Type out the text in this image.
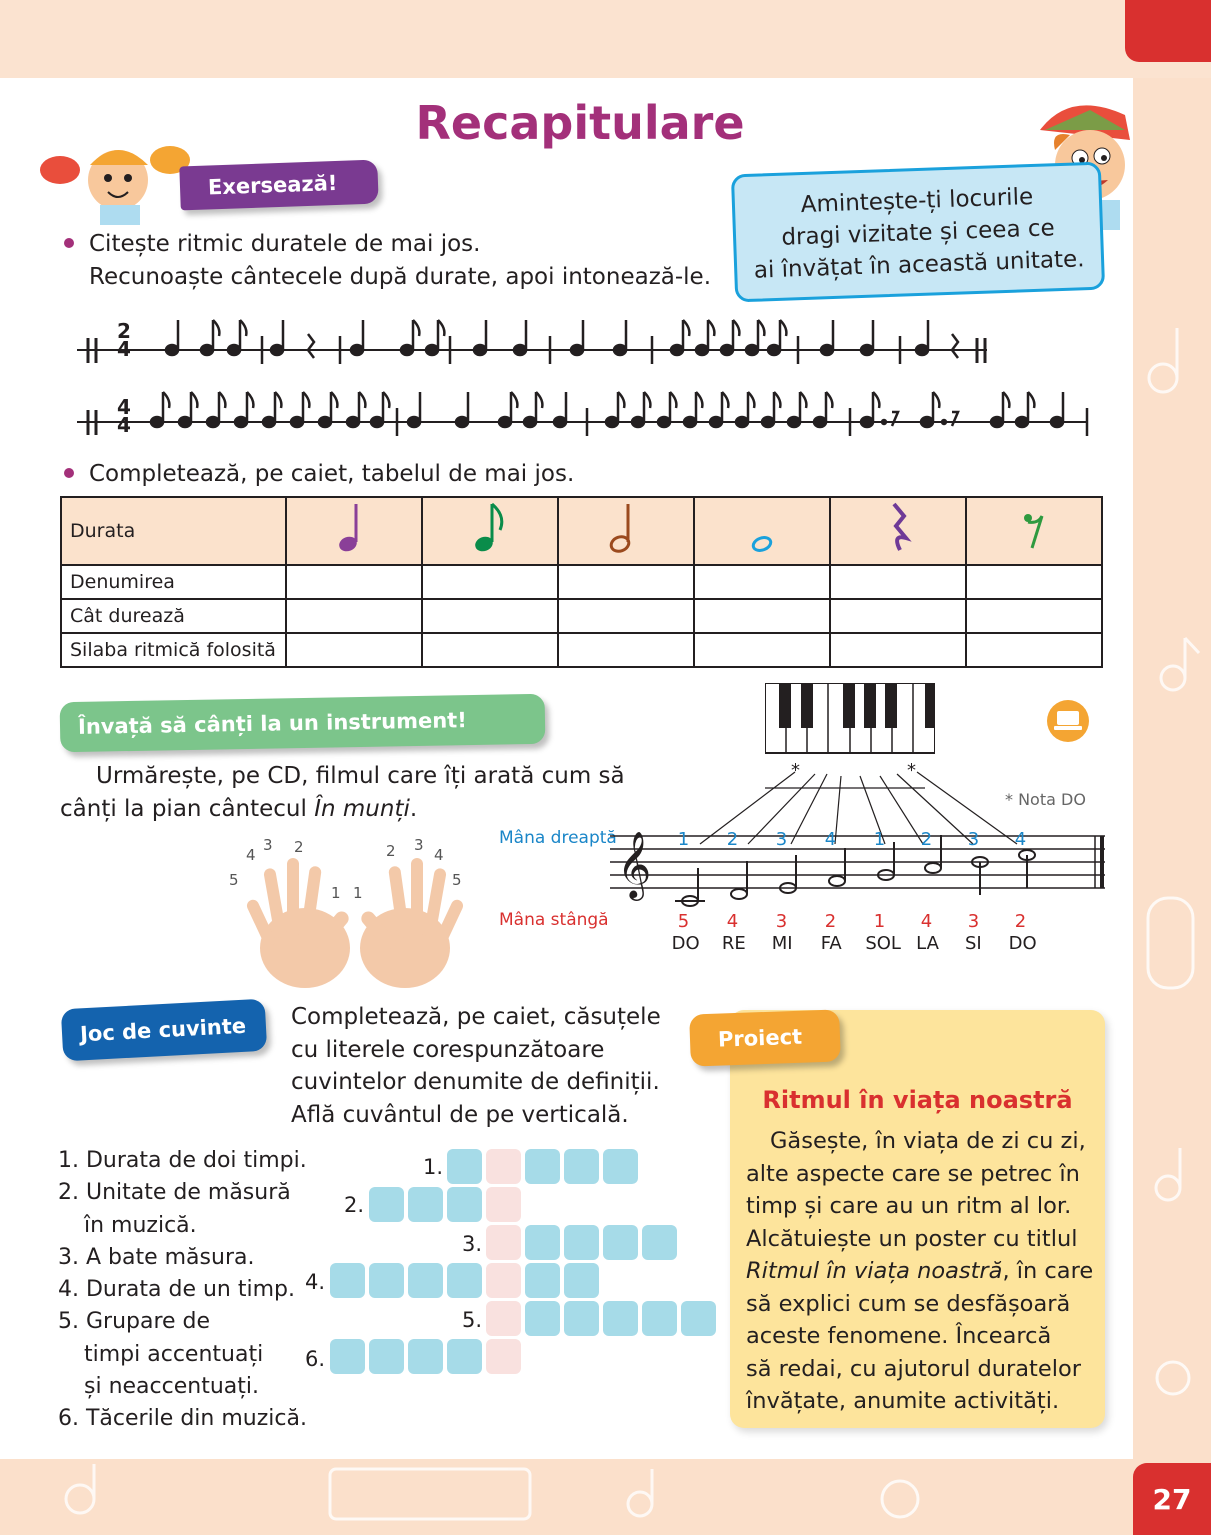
27
Recapitulare
Exersează!
Citește ritmic duratele de mai jos.
Recunoaște cântecele după durate, apoi intonează-le.
Amintește-ți locurile
dragi vizitate și ceea ce
ai învățat în această unitate.
2
4
4
4
Completează, pe caiet, tabelul de mai jos.
Durata						
Denumirea						
Cât durează						
Silaba ritmică folosită						
Învață să cânți la un instrument!
Urmărește, pe CD, filmul care îți arată cum să
cânți la pian cântecul În munți.
4
3 2
5
1
2 3
4
5
1
* Nota DO
Mâna dreaptă
Mâna stângă
𝄞
*	*
1 2 3 4 1 2 3 4
5 4 3 2 1 4 3 2
DO RE MI FA SOL LA SI DO
Joc de cuvinte Completează, pe caiet, căsuțele
cu literele corespunzătoare
cuvintelor denumite de definiții.
Află cuvântul de pe verticală.
1. Durata de doi timpi.
2. Unitate de măsură
în muzică.
3. A bate măsura.
4. Durata de un timp.
5. Grupare de
timpi accentuați
și neaccentuați.
6. Tăcerile din muzică.
1.
2.
3.
4.
5.
6.
Proiect
Ritmul în viața noastră
Găsește, în viața de zi cu zi,
alte aspecte care se petrec în
timp și care au un ritm al lor.
Alcătuiește un poster cu titlul
Ritmul în viața noastră, în care
să explici cum se desfășoară
aceste fenomene. Încearcă
să redai, cu ajutorul duratelor
învățate, anumite activități.
